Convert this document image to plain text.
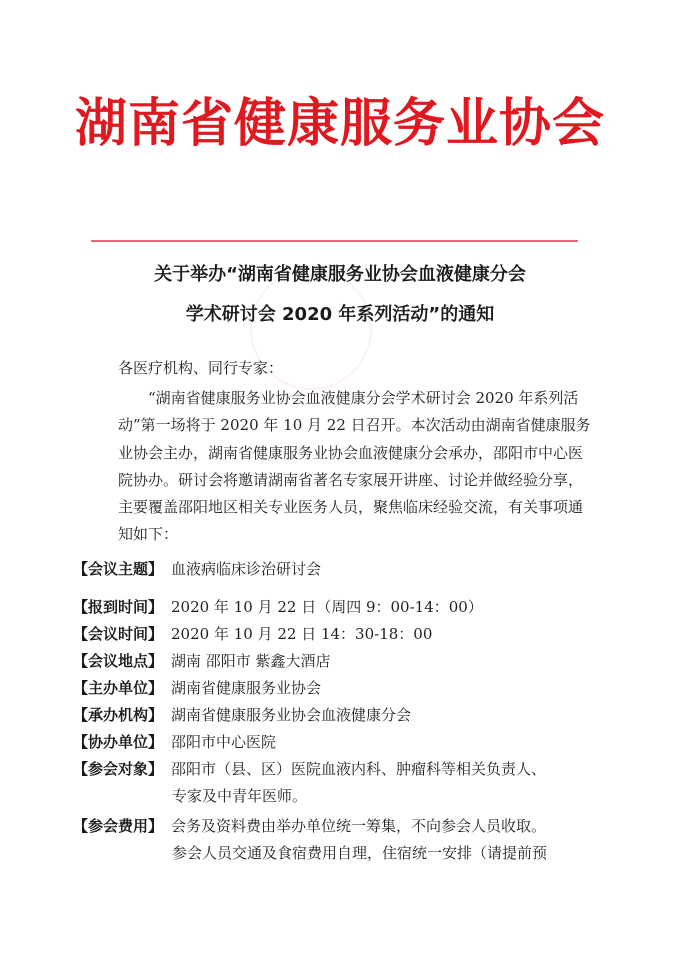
湖南省健康服务业协会
关于举办“湖南省健康服务业协会血液健康分会
学术研讨会 2020 年系列活动”的通知
各医疗机构、同行专家：
“湖南省健康服务业协会血液健康分会学术研讨会 2020 年系列活
动”第一场将于 2020 年 10 月 22 日召开。本次活动由湖南省健康服务
业协会主办，湖南省健康服务业协会血液健康分会承办，邵阳市中心医
院协办。研讨会将邀请湖南省著名专家展开讲座、讨论并做经验分享，
主要覆盖邵阳地区相关专业医务人员，聚焦临床经验交流，有关事项通
知如下：
【会议主题】 血液病临床诊治研讨会
【报到时间】 2020 年 10 月 22 日（周四 9：00-14：00）
【会议时间】 2020 年 10 月 22 日 14：30-18：00
【会议地点】 湖南 邵阳市 紫鑫大酒店
【主办单位】 湖南省健康服务业协会
【承办机构】 湖南省健康服务业协会血液健康分会
【协办单位】 邵阳市中心医院
【参会对象】 邵阳市（县、区）医院血液内科、肿瘤科等相关负责人、
专家及中青年医师。
【参会费用】 会务及资料费由举办单位统一筹集，不向参会人员收取。
参会人员交通及食宿费用自理，住宿统一安排（请提前预
